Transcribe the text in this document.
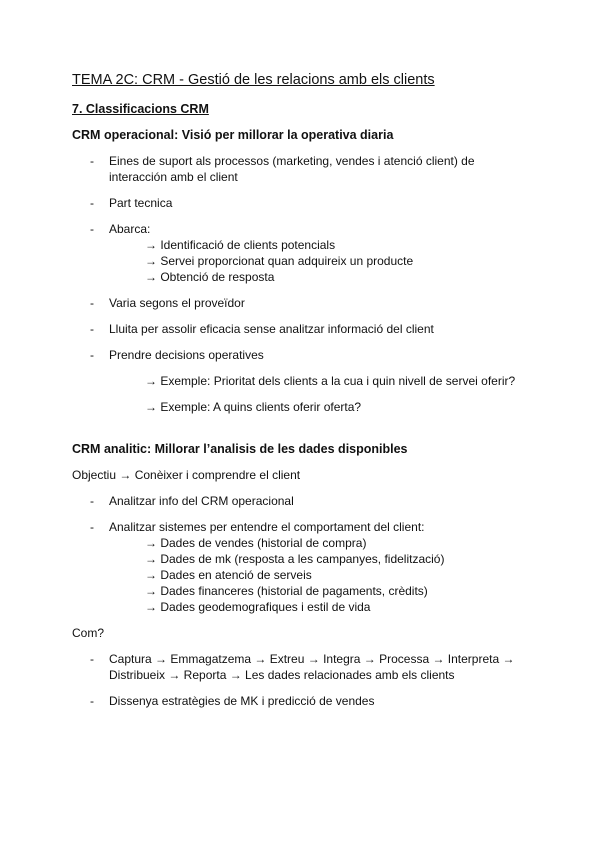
TEMA 2C: CRM - Gestió de les relacions amb els clients
7. Classificacions CRM
CRM operacional: Visió per millorar la operativa diaria
- Eines de suport als processos (marketing, vendes i atenció client) de
interacción amb el client
- Part tecnica
- Abarca:
→ Identificació de clients potencials
→ Servei proporcionat quan adquireix un producte
→ Obtenció de resposta
- Varia segons el proveïdor
- Lluita per assolir eficacia sense analitzar informació del client
- Prendre decisions operatives
→ Exemple: Prioritat dels clients a la cua i quin nivell de servei oferir?
→ Exemple: A quins clients oferir oferta?
CRM analitic: Millorar l’analisis de les dades disponibles
Objectiu → Conèixer i comprendre el client
- Analitzar info del CRM operacional
- Analitzar sistemes per entendre el comportament del client:
→ Dades de vendes (historial de compra)
→ Dades de mk (resposta a les campanyes, fidelització)
→ Dades en atenció de serveis
→ Dades financeres (historial de pagaments, crèdits)
→ Dades geodemografiques i estil de vida
Com?
- Captura → Emmagatzema → Extreu → Integra → Processa → Interpreta →
Distribueix → Reporta → Les dades relacionades amb els clients
- Dissenya estratègies de MK i predicció de vendes
